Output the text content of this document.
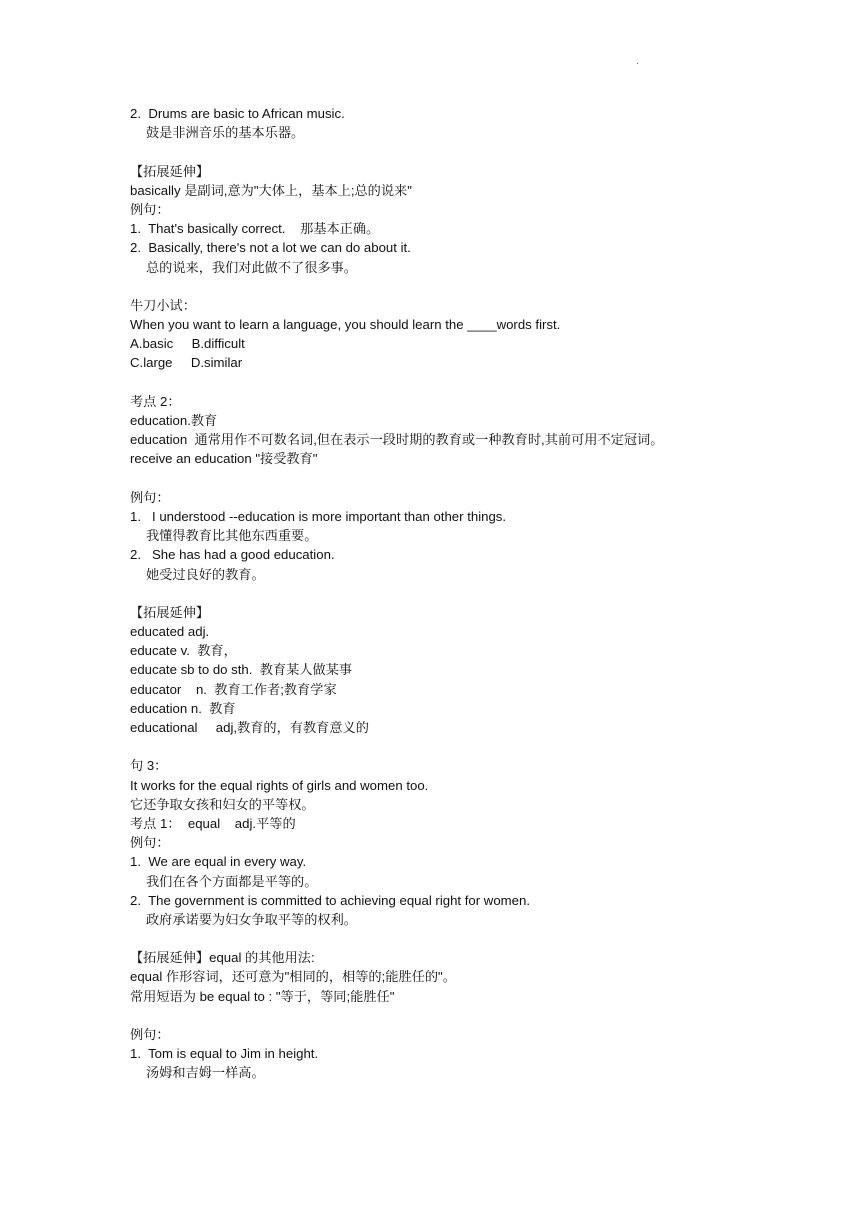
.
2.  Drums are basic to African music.
鼓是非洲音乐的基本乐器。
【拓展延伸】
basically 是副词,意为"大体上，基本上;总的说来"
例句：
1.  That's basically correct.    那基本正确。
2.  Basically, there's not a lot we can do about it.
总的说来，我们对此做不了很多事。
牛刀小试：
When you want to learn a language, you should learn the ____words first.
A.basic     B.difficult
C.large     D.similar
考点 2：
education.教育
education  通常用作不可数名词,但在表示一段时期的教育或一种教育时,其前可用不定冠词。
receive an education "接受教育"
例句：
1.   I understood --education is more important than other things.
我懂得教育比其他东西重要。
2.   She has had a good education.
她受过良好的教育。
【拓展延伸】
educated adj.
educate v.  教育，
educate sb to do sth.  教育某人做某事
educator    n.  教育工作者;教育学家
education n.  教育
educational     adj,教育的，有教育意义的
句 3：
It works for the equal rights of girls and women too.
它还争取女孩和妇女的平等权。
考点 1：  equal    adj.平等的
例句：
1.  We are equal in every way.
我们在各个方面都是平等的。
2.  The government is committed to achieving equal right for women.
政府承诺要为妇女争取平等的权利。
【拓展延伸】equal 的其他用法:
equal 作形容词，还可意为"相同的，相等的;能胜任的"。
常用短语为 be equal to : "等于，等同;能胜任"
例句：
1.  Tom is equal to Jim in height.
汤姆和吉姆一样高。
